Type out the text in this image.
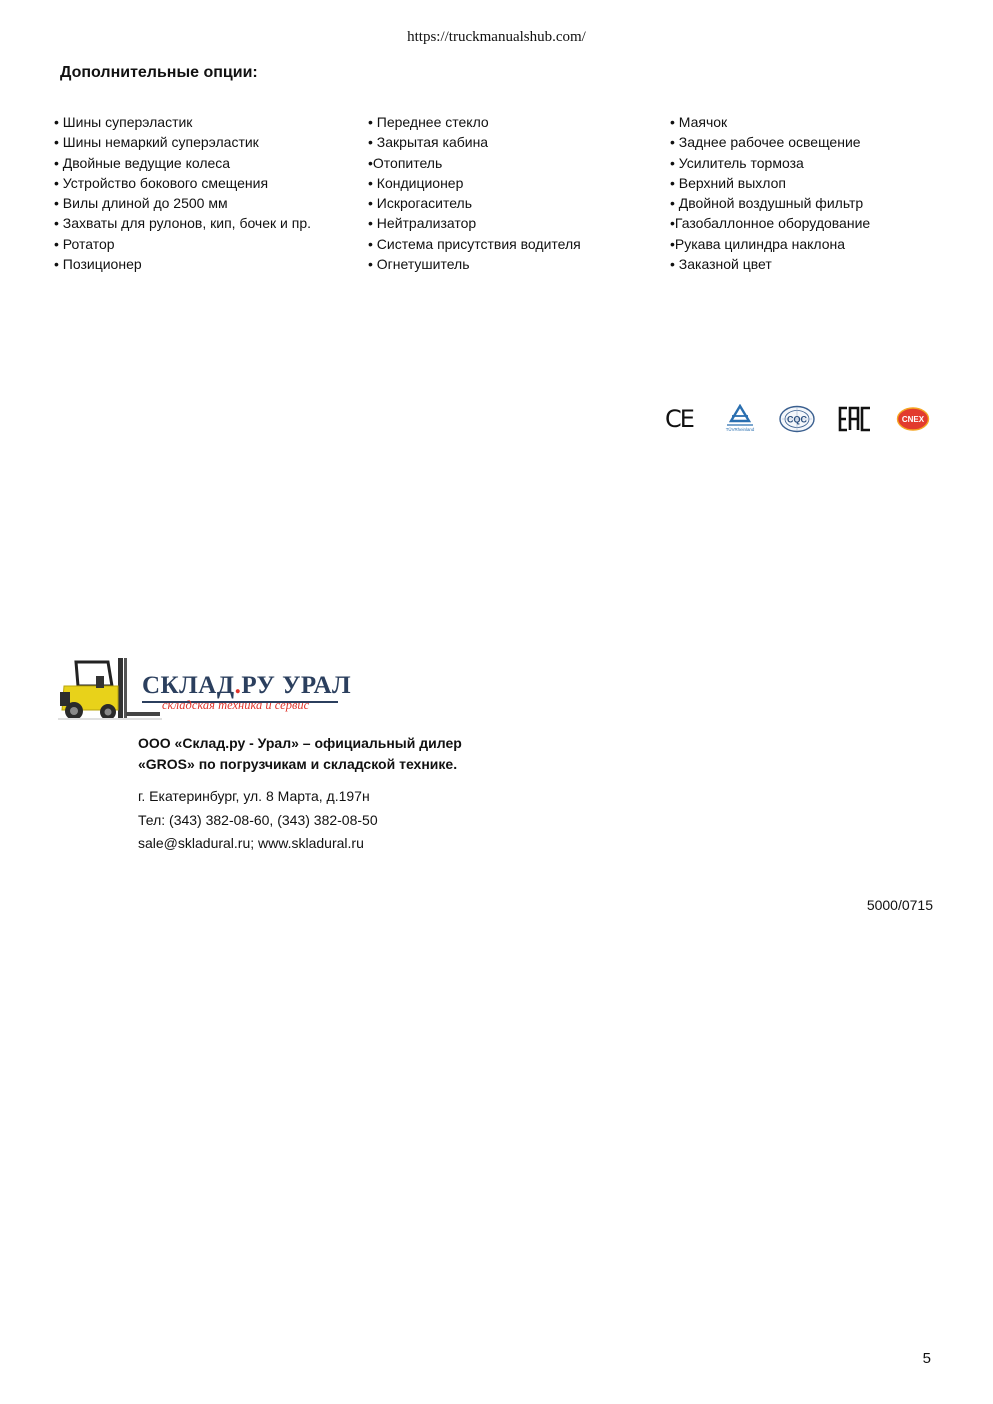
https://truckmanualshub.com/
Дополнительные опции:
• Шины суперэластик
• Шины немаркий суперэластик
• Двойные ведущие колеса
• Устройство бокового смещения
• Вилы длиной до 2500 мм
• Захваты для рулонов, кип, бочек и пр.
• Ротатор
• Позиционер
• Переднее стекло
• Закрытая кабина
•Отопитель
• Кондиционер
• Искрогаситель
• Нейтрализатор
• Система присутствия водителя
• Огнетушитель
• Маячок
• Заднее рабочее освещение
• Усилитель тормоза
• Верхний выхлоп
• Двойной воздушный фильтр
•Газобаллонное оборудование
•Рукава цилиндра наклона
• Заказной цвет
CE	TÜVRheinland
CQC	CNEX
СКЛАД.РУ УРАЛ
складская техника и сервис
ООО «Склад.ру - Урал» – официальный дилер
«GROS» по погрузчикам и складской технике.
г. Екатеринбург, ул. 8 Марта, д.197н
Тел: (343) 382-08-60, (343) 382-08-50
sale@skladural.ru; www.skladural.ru
5000/0715
5
